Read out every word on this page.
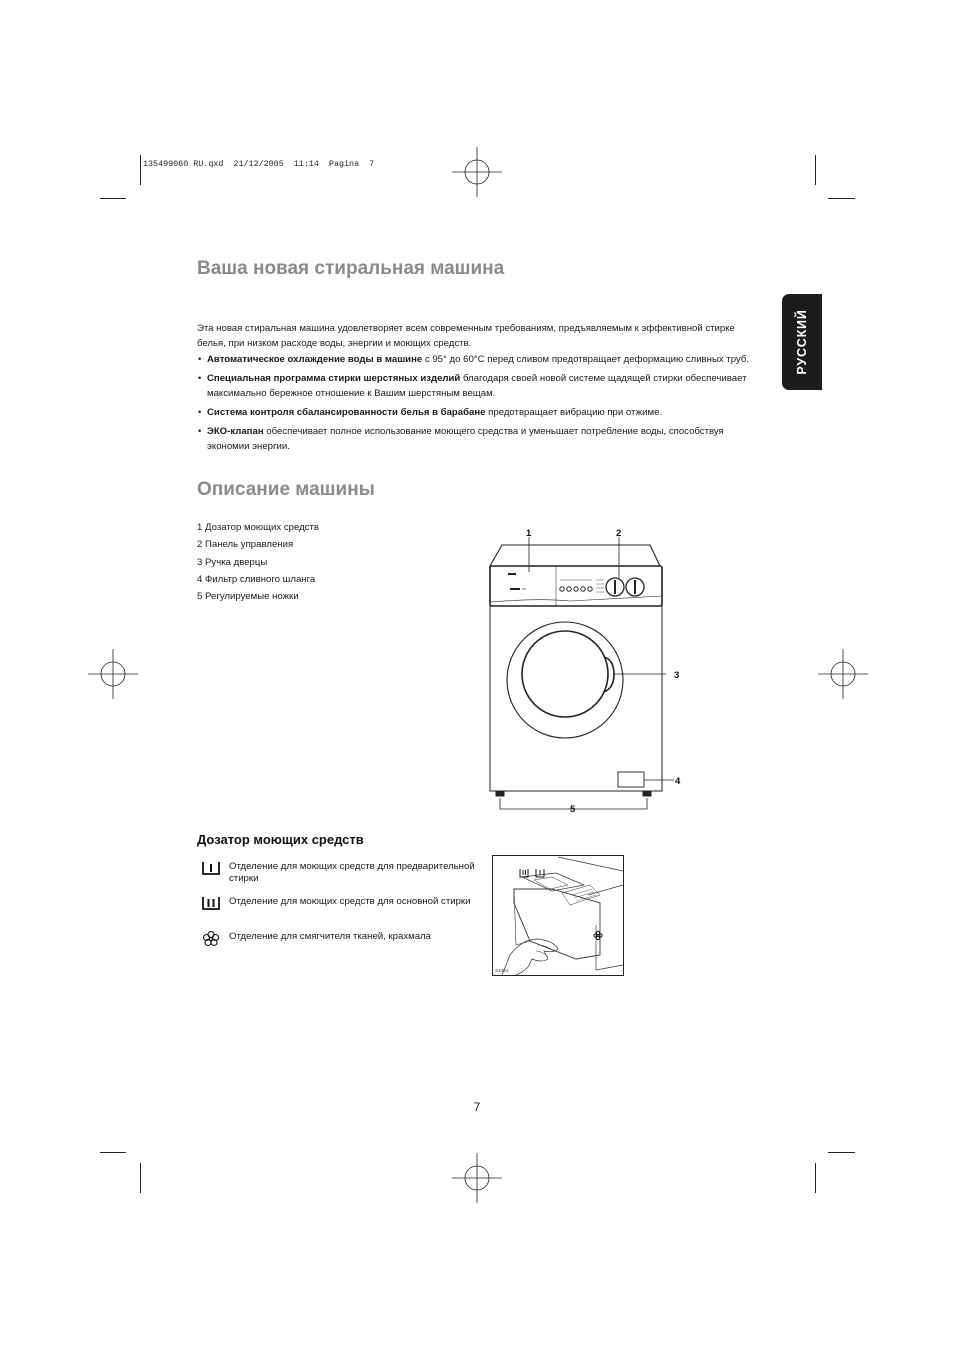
135499060 RU.qxd  21/12/2005  11:14  Pagina  7
РУССКИЙ
Ваша новая стиральная машина
Эта новая стиральная машина удовлетворяет всем современным требованиям, предъявляемым к эффективной стирке белья, при низком расходе воды, энергии и моющих средств.
• Автоматическое охлаждение воды в машине с 95° до 60°C перед сливом предотвращает деформацию сливных труб.
• Специальная программа стирки шерстяных изделий благодаря своей новой системе щадящей стирки обеспечивает максимально бережное отношение к Вашим шерстяным вещам.
• Система контроля сбалансированности белья в барабане предотвращает вибрацию при отжиме.
• ЭКО-клапан обеспечивает полное использование моющего средства и уменьшает потребление воды, способствуя экономии энергии.
Описание машины
1 Дозатор моющих средств
2 Панель управления
3 Ручка дверцы
4 Фильтр сливного шланга
5 Регулируемые ножки
ᴄʏ
1	2
3
4
5
Дозатор моющих средств
Отделение для моющих средств для предварительной стирки
Отделение для моющих средств для основной стирки
Отделение для смягчителя тканей, крахмала
S1084
7
